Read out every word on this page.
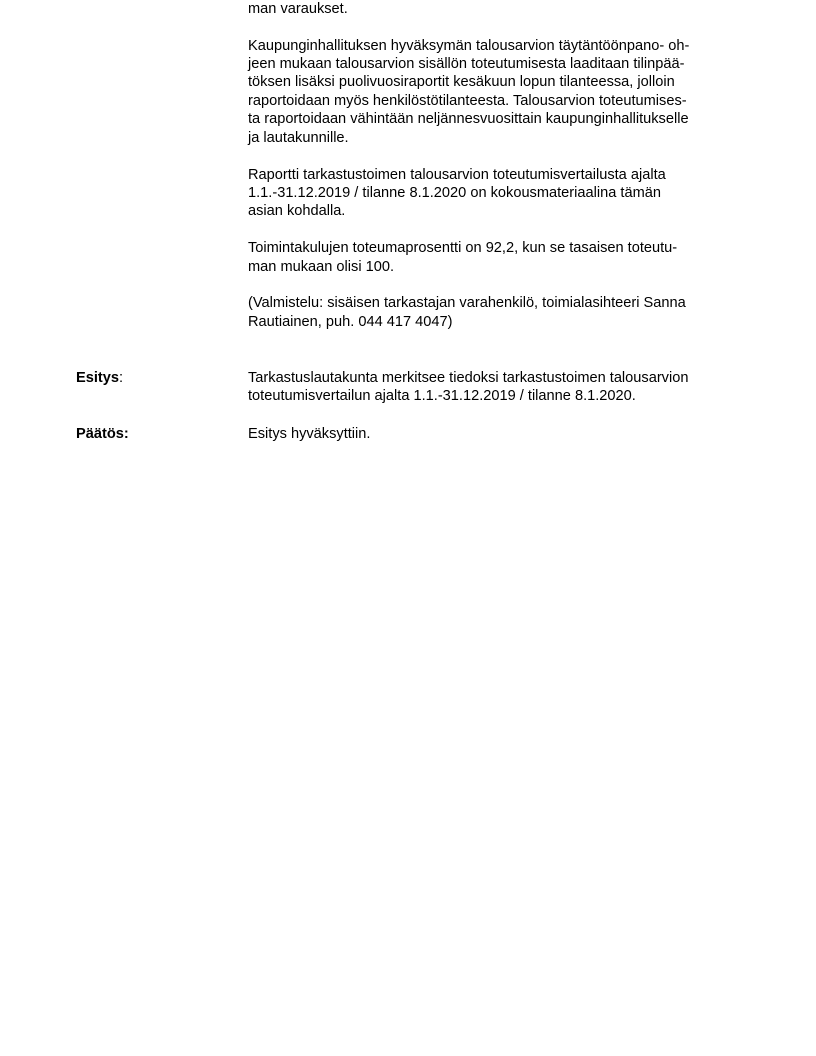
man varaukset.
Kaupunginhallituksen hyväksymän talousarvion täytäntöönpano- oh-
jeen mukaan talousarvion sisällön toteutumisesta laaditaan tilinpää-
töksen lisäksi puolivuosiraportit kesäkuun lopun tilanteessa, jolloin
raportoidaan myös henkilöstötilanteesta. Talousarvion toteutumises-
ta raportoidaan vähintään neljännesvuosittain kaupunginhallitukselle
ja lautakunnille.
Raportti tarkastustoimen talousarvion toteutumisvertailusta ajalta
1.1.-31.12.2019 / tilanne 8.1.2020 on kokousmateriaalina tämän
asian kohdalla.
Toimintakulujen toteumaprosentti on 92,2, kun se tasaisen toteutu-
man mukaan olisi 100.
(Valmistelu: sisäisen tarkastajan varahenkilö, toimialasihteeri Sanna
Rautiainen, puh. 044 417 4047)
Esitys:	Tarkastuslautakunta merkitsee tiedoksi tarkastustoimen talousarvion
toteutumisvertailun ajalta 1.1.-31.12.2019 / tilanne 8.1.2020.
Päätös:	Esitys hyväksyttiin.
